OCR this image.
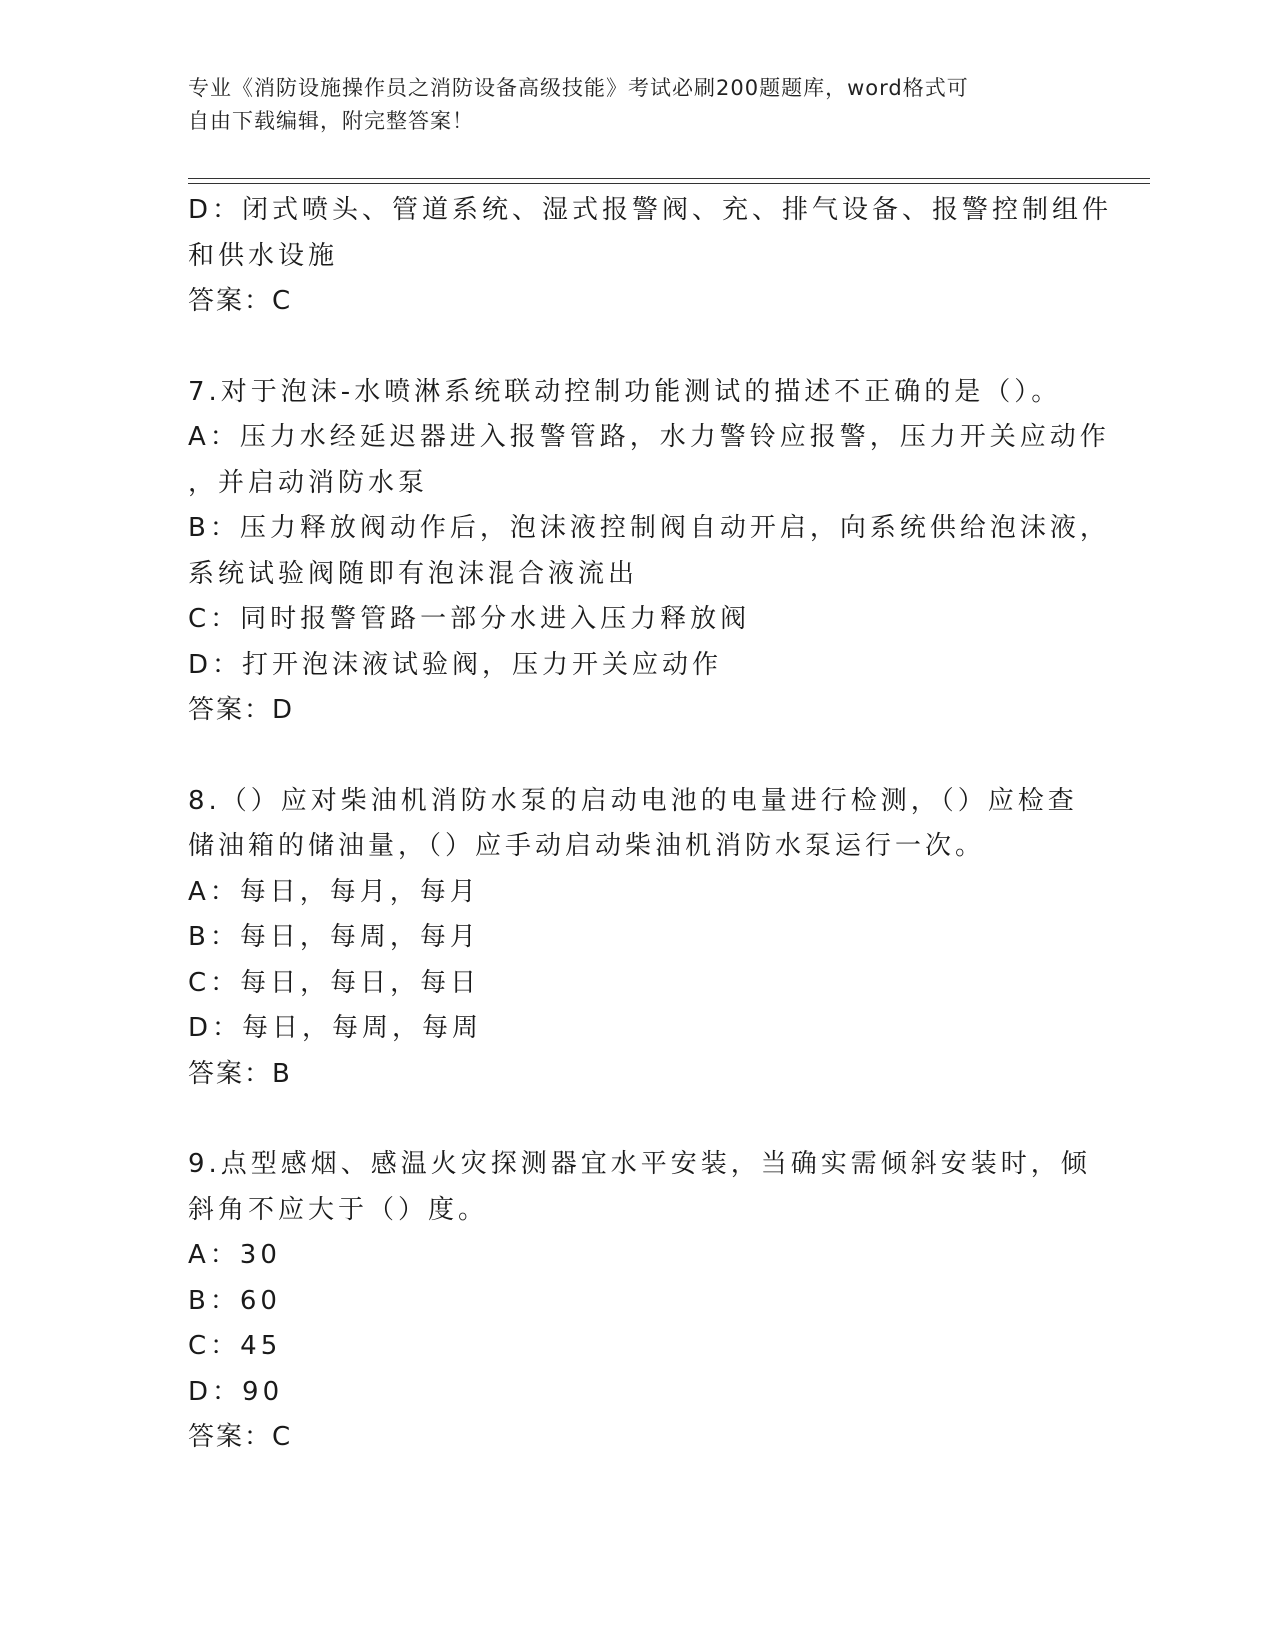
专业《消防设施操作员之消防设备高级技能》考试必刷200题题库，word格式可
自由下载编辑，附完整答案！
D：闭式喷头、管道系统、湿式报警阀、充、排气设备、报警控制组件
和供水设施
答案：C
7.对于泡沫-水喷淋系统联动控制功能测试的描述不正确的是（）。
A：压力水经延迟器进入报警管路，水力警铃应报警，压力开关应动作
，并启动消防水泵
B：压力释放阀动作后，泡沫液控制阀自动开启，向系统供给泡沫液，
系统试验阀随即有泡沫混合液流出
C：同时报警管路一部分水进入压力释放阀
D：打开泡沫液试验阀，压力开关应动作
答案：D
8.（）应对柴油机消防水泵的启动电池的电量进行检测，（）应检查
储油箱的储油量，（）应手动启动柴油机消防水泵运行一次。
A：每日，每月，每月
B：每日，每周，每月
C：每日，每日，每日
D：每日，每周，每周
答案：B
9.点型感烟、感温火灾探测器宜水平安装，当确实需倾斜安装时，倾
斜角不应大于（）度。
A：30
B：60
C：45
D：90
答案：C
